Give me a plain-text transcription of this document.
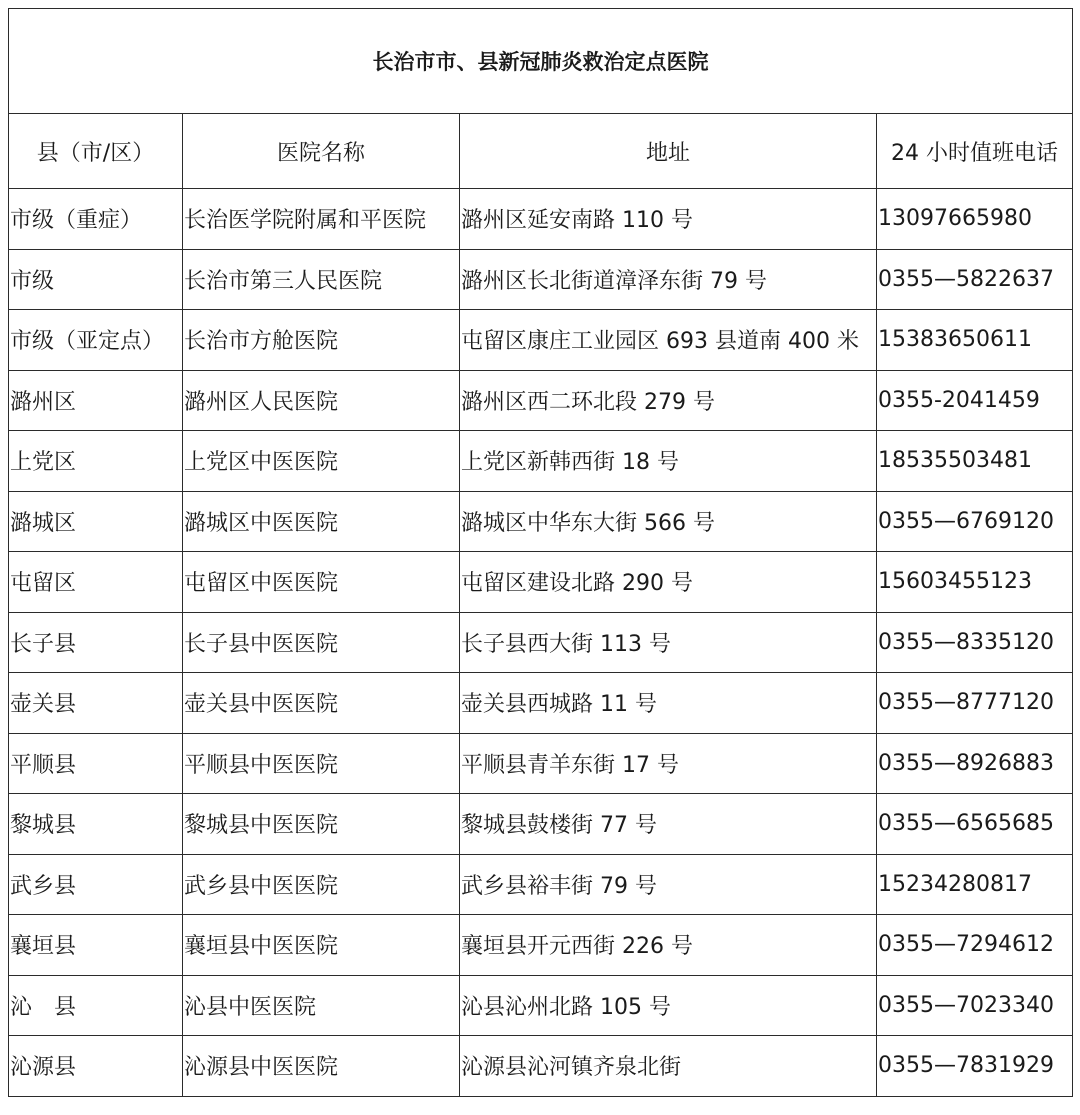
长治市市、县新冠肺炎救治定点医院			
县（市/区）	医院名称	地址	24 小时值班电话
市级（重症）	长治医学院附属和平医院	潞州区延安南路 110 号	13097665980
市级	长治市第三人民医院	潞州区长北街道漳泽东街 79 号	0355—5822637
市级（亚定点）	长治市方舱医院	屯留区康庄工业园区 693 县道南 400 米	15383650611
潞州区	潞州区人民医院	潞州区西二环北段 279 号	0355-2041459
上党区	上党区中医医院	上党区新韩西街 18 号	18535503481
潞城区	潞城区中医医院	潞城区中华东大街 566 号	0355—6769120
屯留区	屯留区中医医院	屯留区建设北路 290 号	15603455123
长子县	长子县中医医院	长子县西大街 113 号	0355—8335120
壶关县	壶关县中医医院	壶关县西城路 11 号	0355—8777120
平顺县	平顺县中医医院	平顺县青羊东街 17 号	0355—8926883
黎城县	黎城县中医医院	黎城县鼓楼街 77 号	0355—6565685
武乡县	武乡县中医医院	武乡县裕丰街 79 号	15234280817
襄垣县	襄垣县中医医院	襄垣县开元西街 226 号	0355—7294612
沁　县	沁县中医医院	沁县沁州北路 105 号	0355—7023340
沁源县	沁源县中医医院	沁源县沁河镇齐泉北街	0355—7831929
